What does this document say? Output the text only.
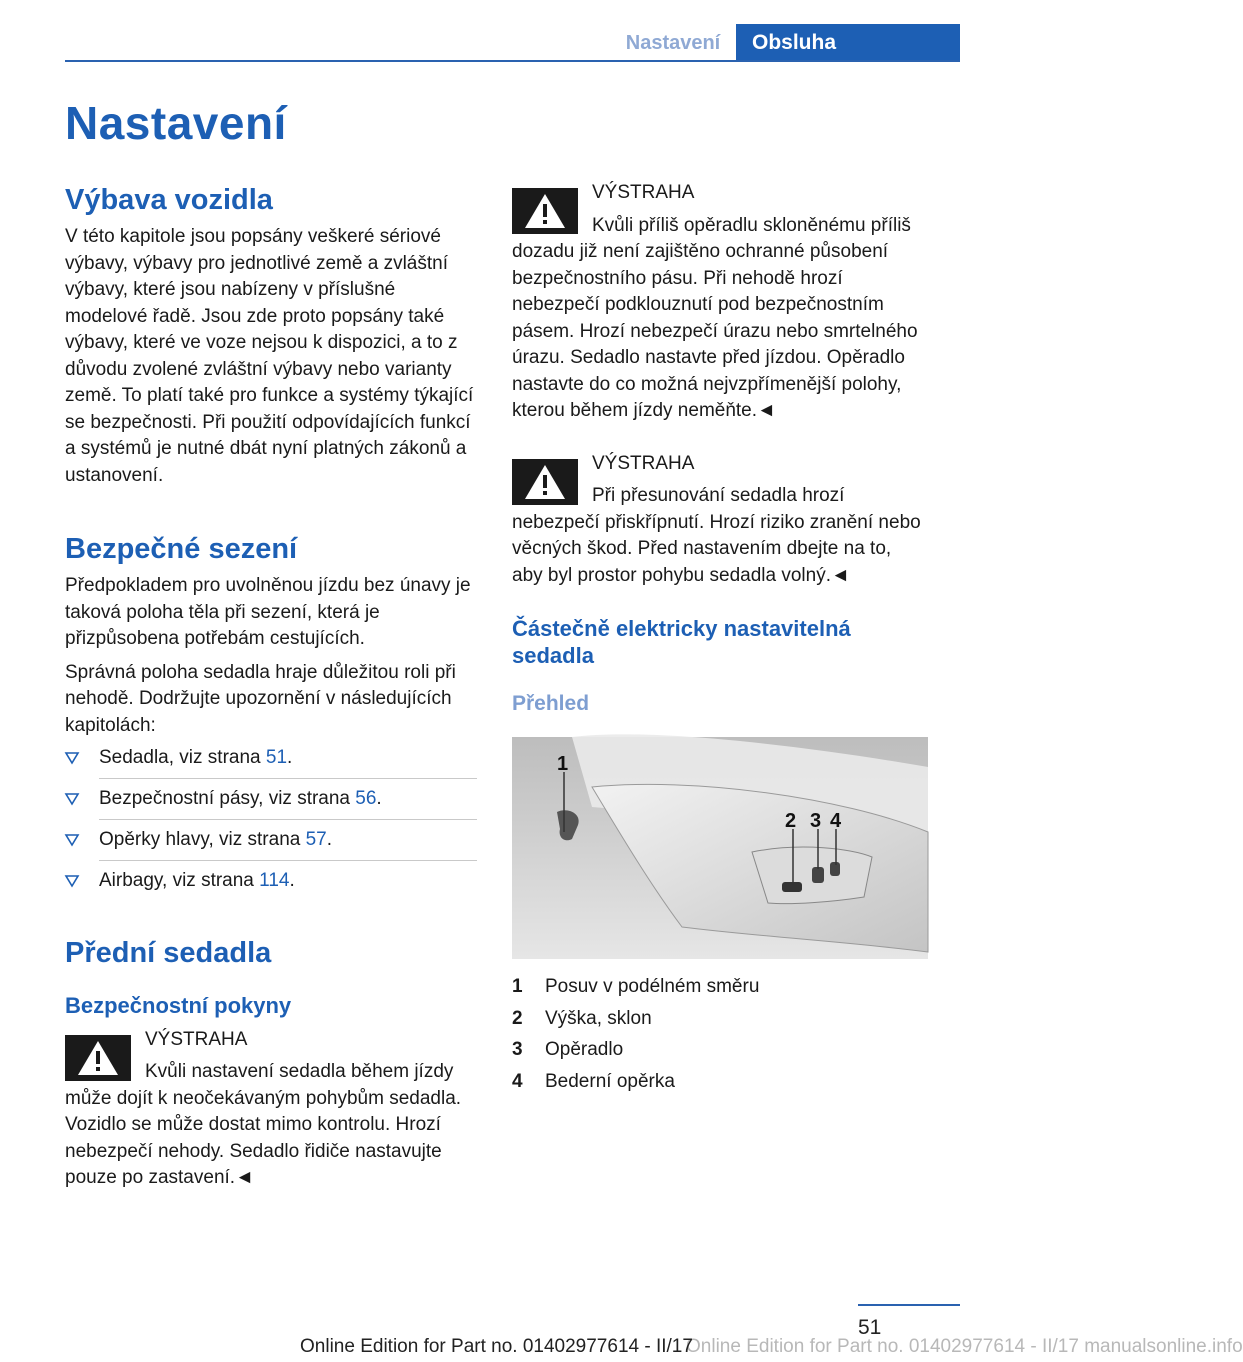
Nastavení	Obsluha
Nastavení
Výbava vozidla

V této kapitole jsou popsány veškeré sériové výbavy, výbavy pro jednotlivé země a zvláštní výbavy, které jsou nabízeny v příslušné modelové řadě. Jsou zde proto popsány také výbavy, které ve voze nejsou k dispozici, a to z důvodu zvolené zvláštní výbavy nebo varianty země. To platí také pro funkce a systémy týkající se bezpečnosti. Při použití odpovídajících funkcí a systémů je nutné dbát nyní platných zákonů a ustanovení.

Bezpečné sezení

Předpokladem pro uvolněnou jízdu bez únavy je taková poloha těla při sezení, která je přizpůsobena potřebám cestujících.

Správná poloha sedadla hraje důležitou roli při nehodě. Dodržujte upozornění v následujících kapitolách:

Sedadla, viz strana 51.
Bezpečnostní pásy, viz strana 56.
Opěrky hlavy, viz strana 57.
Airbagy, viz strana 114.
Přední sedadla
Bezpečnostní pokyny

VÝSTRAHA

Kvůli nastavení sedadla během jízdy může dojít k neočekávaným pohybům sedadla. Vozidlo se může dostat mimo kontrolu. Hrozí nebezpečí nehody. Sedadlo řidiče nastavujte pouze po zastavení.◄

VÝSTRAHA

Kvůli příliš opěradlu skloněnému příliš dozadu již není zajištěno ochranné působení bezpečnostního pásu. Při nehodě hrozí nebezpečí podklouznutí pod bezpečnostním pásem. Hrozí nebezpečí úrazu nebo smrtelného úrazu. Sedadlo nastavte před jízdou. Opěradlo nastavte do co možná nejvzpřímenější polohy, kterou během jízdy neměňte.◄

VÝSTRAHA

Při přesunování sedadla hrozí nebezpečí přiskřípnutí. Hrozí riziko zranění nebo věcných škod. Před nastavením dbejte na to, aby byl prostor pohybu sedadla volný.◄

Částečně elektricky nastavitelná sedadla
Přehled
1
2 3 4
1	Posuv v podélném směru
2	Výška, sklon
3	Opěradlo
4	Bederní opěrka
51
Online Edition for Part no. 01402977614 - II/17 manualsonline.info
Online Edition for Part no. 01402977614 - II/17
